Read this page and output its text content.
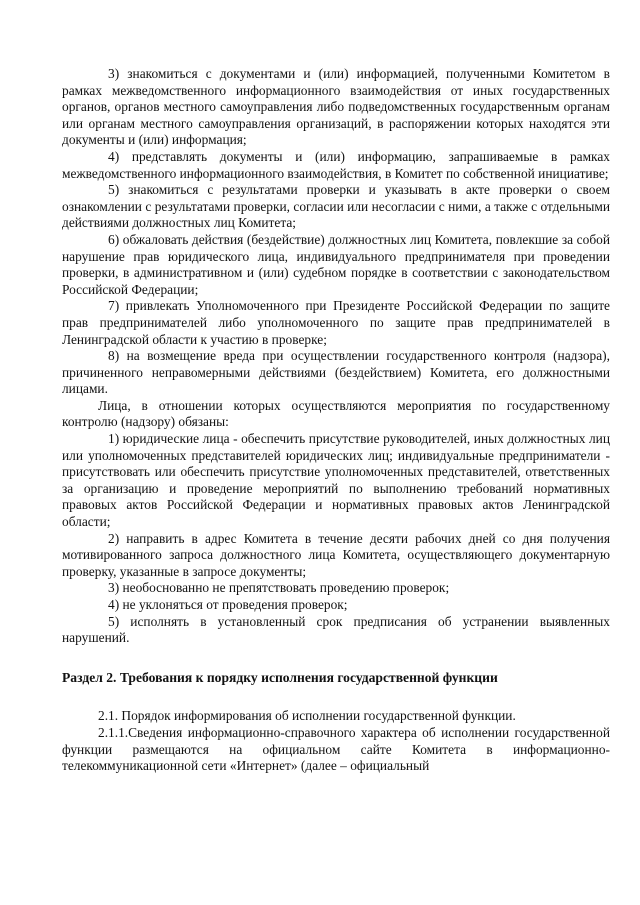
3) знакомиться с документами и (или) информацией, полученными Комитетом в рамках межведомственного информационного взаимодействия от иных государственных органов, органов местного самоуправления либо подведомственных государственным органам или органам местного самоуправления организаций, в распоряжении которых находятся эти документы и (или) информация;

4) представлять документы и (или) информацию, запрашиваемые в рамках межведомственного информационного взаимодействия, в Комитет по собственной инициативе;

5) знакомиться с результатами проверки и указывать в акте проверки о своем ознакомлении с результатами проверки, согласии или несогласии с ними, а также с отдельными действиями должностных лиц Комитета;

6) обжаловать действия (бездействие) должностных лиц Комитета, повлекшие за собой нарушение прав юридического лица, индивидуального предпринимателя при проведении проверки, в административном и (или) судебном порядке в соответствии с законодательством Российской Федерации;

7) привлекать Уполномоченного при Президенте Российской Федерации по защите прав предпринимателей либо уполномоченного по защите прав предпринимателей в Ленинградской области к участию в проверке;

8) на возмещение вреда при осуществлении государственного контроля (надзора), причиненного неправомерными действиями (бездействием) Комитета, его должностными лицами.

Лица, в отношении которых осуществляются мероприятия по государственному контролю (надзору) обязаны:

1) юридические лица - обеспечить присутствие руководителей, иных должностных лиц или уполномоченных представителей юридических лиц; индивидуальные предприниматели - присутствовать или обеспечить присутствие уполномоченных представителей, ответственных за организацию и проведение мероприятий по выполнению требований нормативных правовых актов Российской Федерации и нормативных правовых актов Ленинградской области;

2) направить в адрес Комитета в течение десяти рабочих дней со дня получения мотивированного запроса должностного лица Комитета, осуществляющего документарную проверку, указанные в запросе документы;

3) необоснованно не препятствовать проведению проверок;

4) не уклоняться от проведения проверок;

5) исполнять в установленный срок предписания об устранении выявленных нарушений.

Раздел 2. Требования к порядку исполнения государственной функции

2.1. Порядок информирования об исполнении государственной функции.

2.1.1.Сведения информационно-справочного характера об исполнении государственной функции размещаются на официальном сайте Комитета в информационно-телекоммуникационной сети «Интернет» (далее – официальный
